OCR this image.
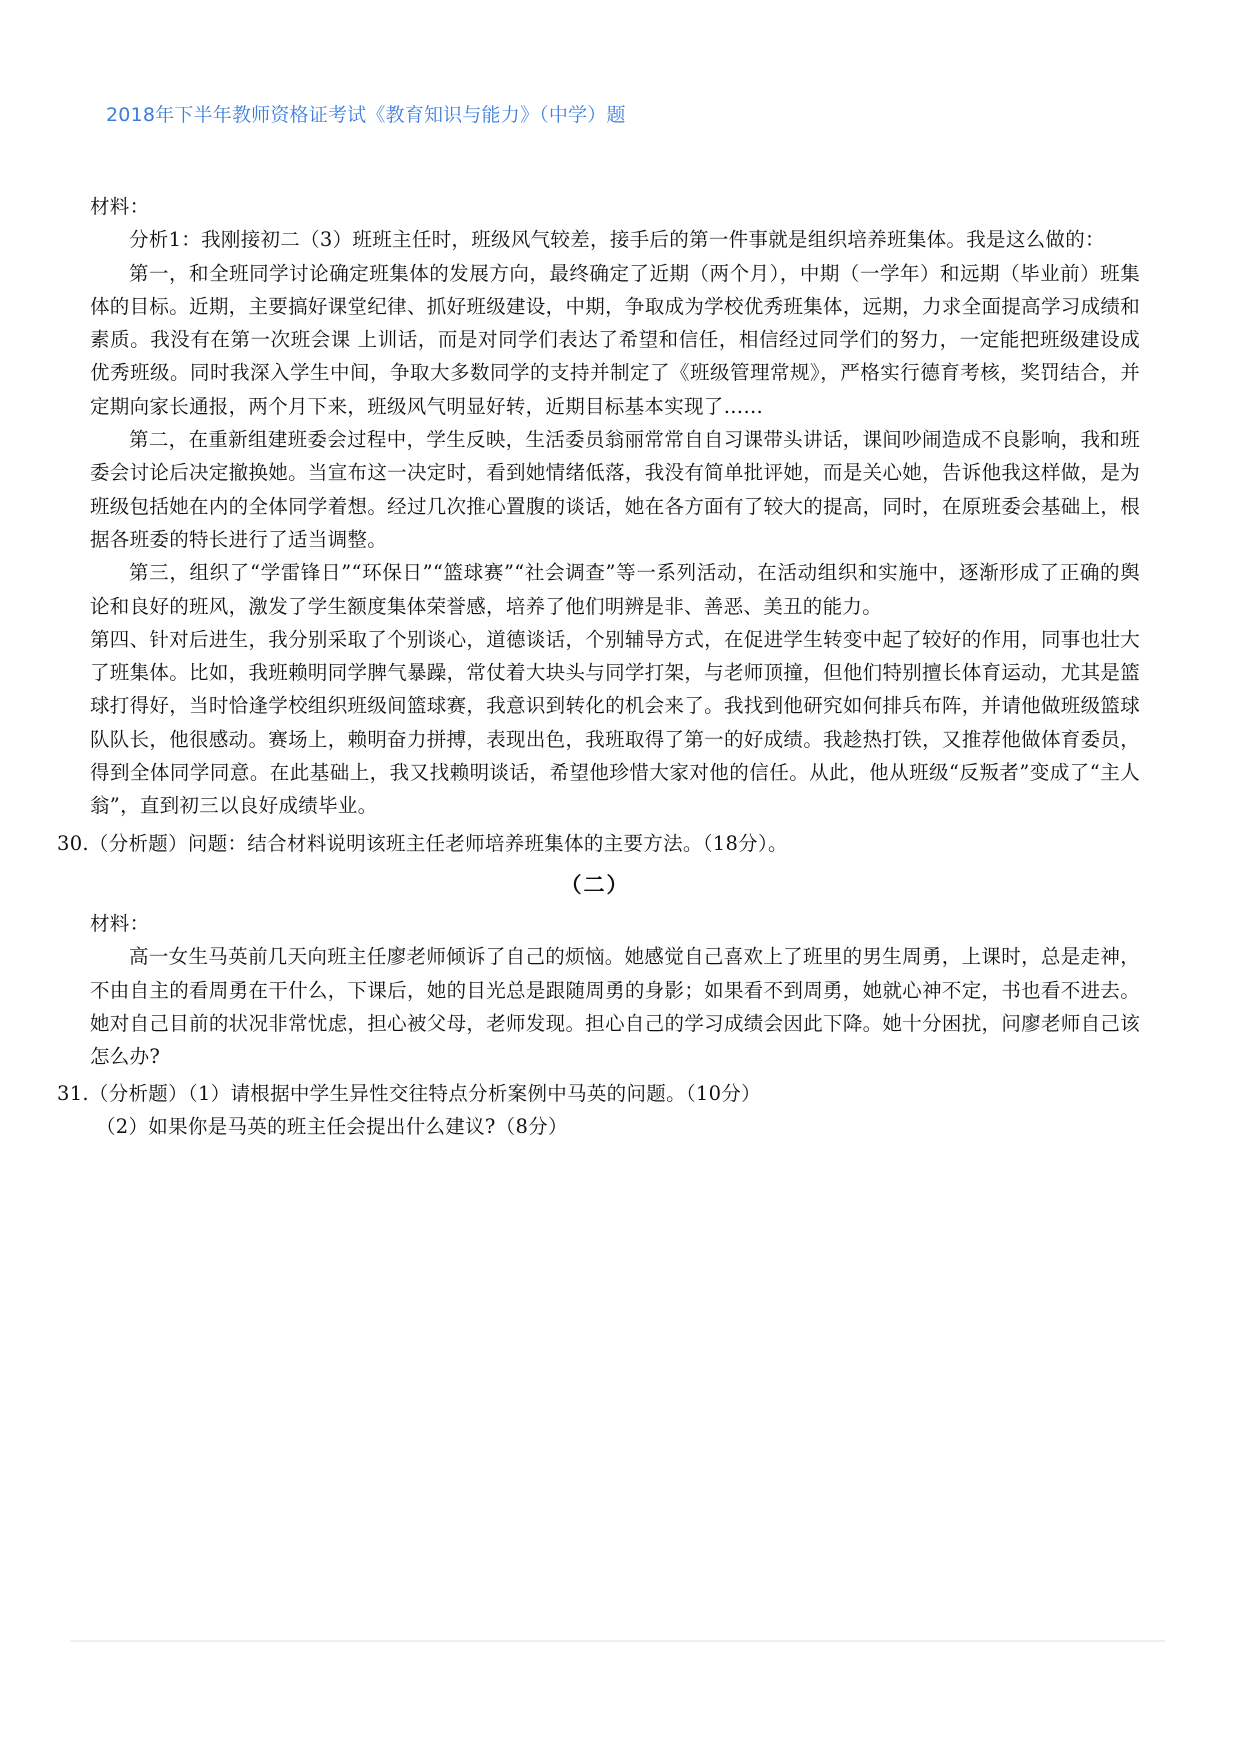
2018年下半年教师资格证考试《教育知识与能力》（中学）题

材料：

分析1：我刚接初二（3）班班主任时，班级风气较差，接手后的第一件事就是组织培养班集体。我是这么做的：

第一，和全班同学讨论确定班集体的发展方向，最终确定了近期（两个月），中期（一学年）和远期（毕业前）班集体的目标。近期，主要搞好课堂纪律、抓好班级建设，中期，争取成为学校优秀班集体，远期，力求全面提高学习成绩和素质。我没有在第一次班会课 上训话，而是对同学们表达了希望和信任，相信经过同学们的努力，一定能把班级建设成优秀班级。同时我深入学生中间，争取大多数同学的支持并制定了《班级管理常规》，严格实行德育考核，奖罚结合，并定期向家长通报，两个月下来，班级风气明显好转，近期目标基本实现了……

第二，在重新组建班委会过程中，学生反映，生活委员翁丽常常自自习课带头讲话，课间吵闹造成不良影响，我和班委会讨论后决定撤换她。当宣布这一决定时，看到她情绪低落，我没有简单批评她，而是关心她，告诉他我这样做，是为班级包括她在内的全体同学着想。经过几次推心置腹的谈话，她在各方面有了较大的提高，同时，在原班委会基础上，根据各班委的特长进行了适当调整。

第三，组织了“学雷锋日”“环保日”“篮球赛”“社会调查”等一系列活动，在活动组织和实施中，逐渐形成了正确的舆论和良好的班风，激发了学生额度集体荣誉感，培养了他们明辨是非、善恶、美丑的能力。

第四、针对后进生，我分别采取了个别谈心，道德谈话，个别辅导方式，在促进学生转变中起了较好的作用，同事也壮大了班集体。比如，我班赖明同学脾气暴躁，常仗着大块头与同学打架，与老师顶撞，但他们特别擅长体育运动，尤其是篮球打得好，当时恰逢学校组织班级间篮球赛，我意识到转化的机会来了。我找到他研究如何排兵布阵，并请他做班级篮球队队长，他很感动。赛场上，赖明奋力拼搏，表现出色，我班取得了第一的好成绩。我趁热打铁，又推荐他做体育委员，得到全体同学同意。在此基础上，我又找赖明谈话，希望他珍惜大家对他的信任。从此，他从班级“反叛者”变成了“主人翁”，直到初三以良好成绩毕业。

30.（分析题）问题：结合材料说明该班主任老师培养班集体的主要方法。（18分）。

（二）

材料：

高一女生马英前几天向班主任廖老师倾诉了自己的烦恼。她感觉自己喜欢上了班里的男生周勇，上课时，总是走神，不由自主的看周勇在干什么，下课后，她的目光总是跟随周勇的身影；如果看不到周勇，她就心神不定，书也看不进去。她对自己目前的状况非常忧虑，担心被父母，老师发现。担心自己的学习成绩会因此下降。她十分困扰，问廖老师自己该怎么办?

31.（分析题）（1）请根据中学生异性交往特点分析案例中马英的问题。（10分）

（2）如果你是马英的班主任会提出什么建议?（8分）
